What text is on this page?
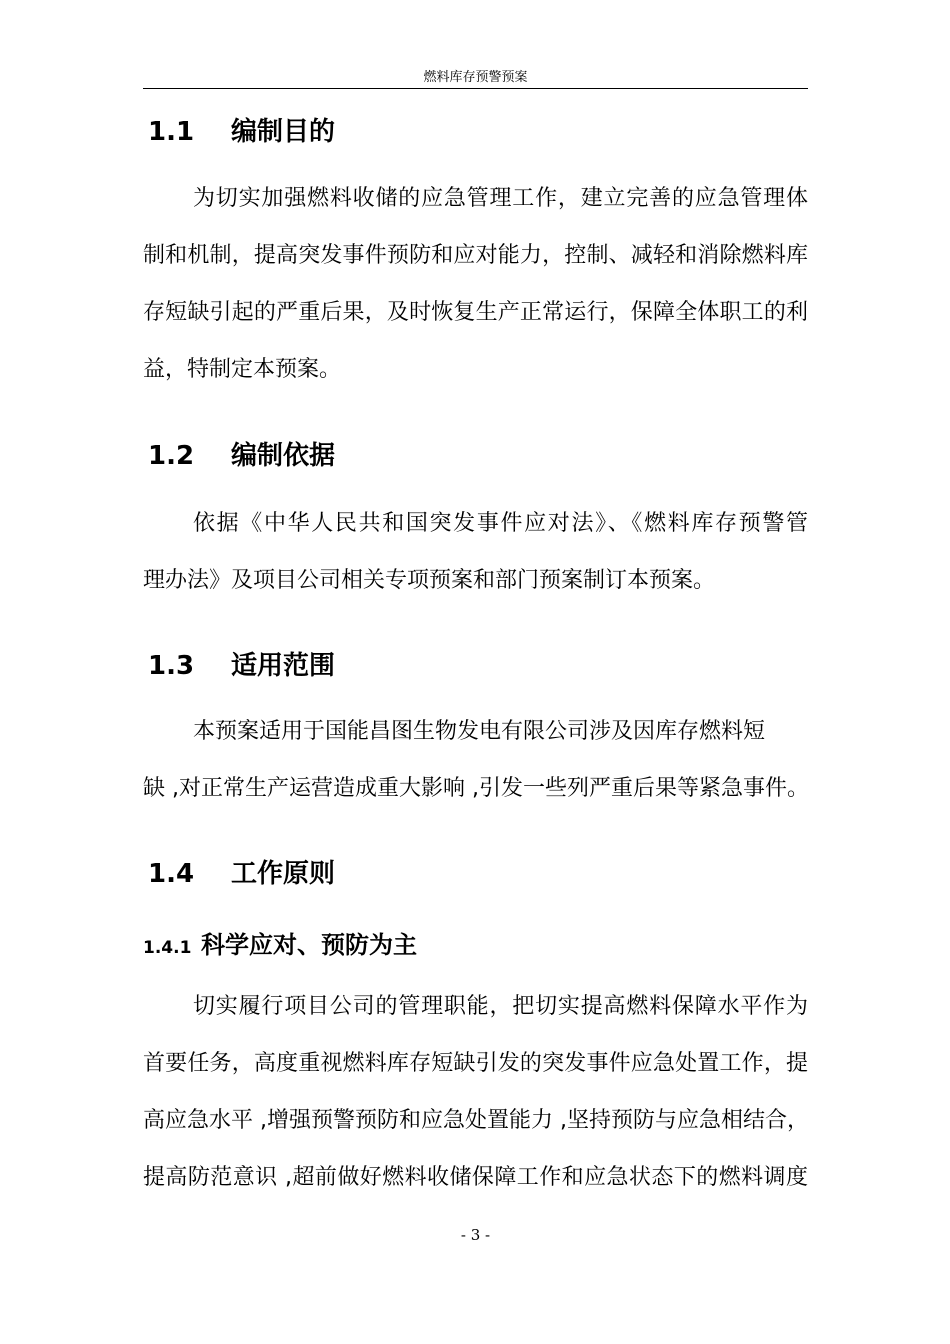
燃料库存预警预案
1.1 编制目的
为切实加强燃料收储的应急管理工作，建立完善的应急管理体
制和机制，提高突发事件预防和应对能力，控制、减轻和消除燃料库
存短缺引起的严重后果，及时恢复生产正常运行，保障全体职工的利
益，特制定本预案。
1.2 编制依据
依据《中华人民共和国突发事件应对法》、《燃料库存预警管
理办法》及项目公司相关专项预案和部门预案制订本预案。
1.3 适用范围
本预案适用于国能昌图生物发电有限公司涉及因库存燃料短
缺 ,对正常生产运营造成重大影响 ,引发一些列严重后果等紧急事件。
1.4 工作原则
1.4.1 科学应对、预防为主
切实履行项目公司的管理职能，把切实提高燃料保障水平作为
首要任务，高度重视燃料库存短缺引发的突发事件应急处置工作，提
高应急水平 ,增强预警预防和应急处置能力 ,坚持预防与应急相结合，
提高防范意识 ,超前做好燃料收储保障工作和应急状态下的燃料调度
- 3 -
